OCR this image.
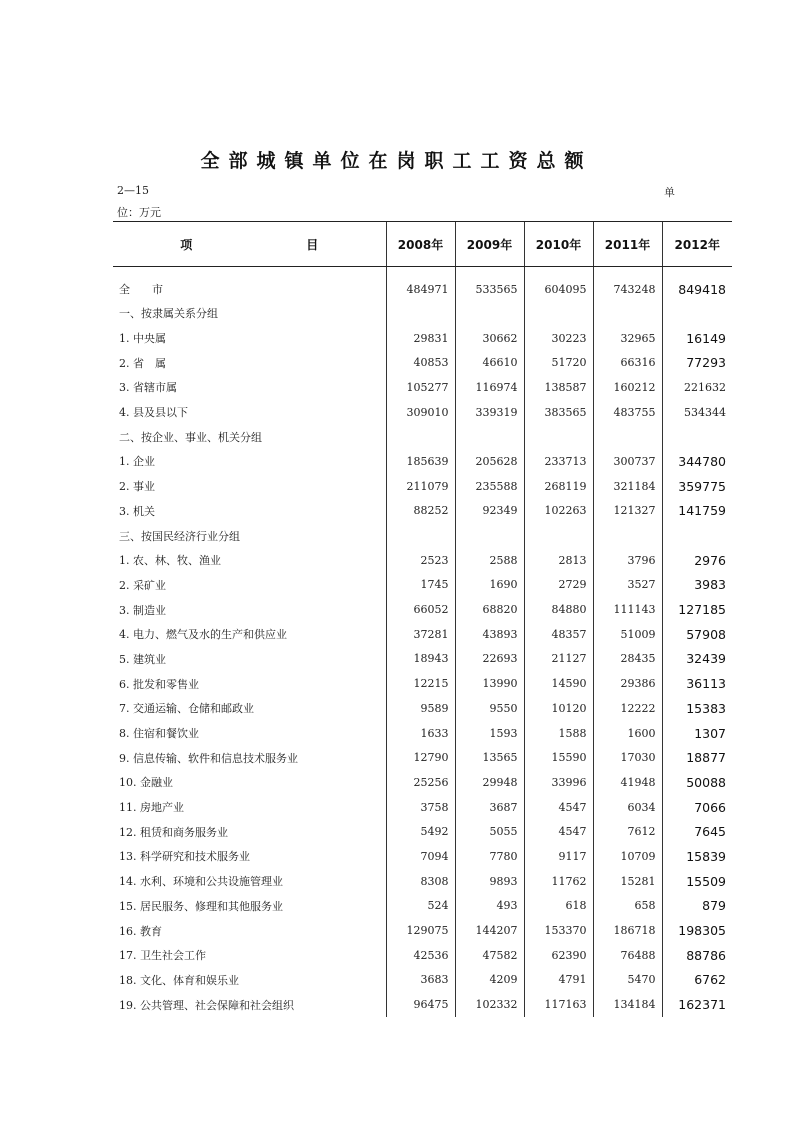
全部城镇单位在岗职工工资总额
2—15	单
位：万元
项　　目	2008年	2009年	2010年	2011年	2012年
全　　市	484971	533565	604095	743248	849418
一、按隶属关系分组					
1. 中央属	29831	30662	30223	32965	16149
2. 省　属	40853	46610	51720	66316	77293
3. 省辖市属	105277	116974	138587	160212	221632
4. 县及县以下	309010	339319	383565	483755	534344
二、按企业、事业、机关分组					
1. 企业	185639	205628	233713	300737	344780
2. 事业	211079	235588	268119	321184	359775
3. 机关	88252	92349	102263	121327	141759
三、按国民经济行业分组					
1. 农、林、牧、渔业	2523	2588	2813	3796	2976
2. 采矿业	1745	1690	2729	3527	3983
3. 制造业	66052	68820	84880	111143	127185
4. 电力、燃气及水的生产和供应业	37281	43893	48357	51009	57908
5. 建筑业	18943	22693	21127	28435	32439
6. 批发和零售业	12215	13990	14590	29386	36113
7. 交通运输、仓储和邮政业	9589	9550	10120	12222	15383
8. 住宿和餐饮业	1633	1593	1588	1600	1307
9. 信息传输、软件和信息技术服务业	12790	13565	15590	17030	18877
10. 金融业	25256	29948	33996	41948	50088
11. 房地产业	3758	3687	4547	6034	7066
12. 租赁和商务服务业	5492	5055	4547	7612	7645
13. 科学研究和技术服务业	7094	7780	9117	10709	15839
14. 水利、环境和公共设施管理业	8308	9893	11762	15281	15509
15. 居民服务、修理和其他服务业	524	493	618	658	879
16. 教育	129075	144207	153370	186718	198305
17. 卫生社会工作	42536	47582	62390	76488	88786
18. 文化、体育和娱乐业	3683	4209	4791	5470	6762
19. 公共管理、社会保障和社会组织	96475	102332	117163	134184	162371
